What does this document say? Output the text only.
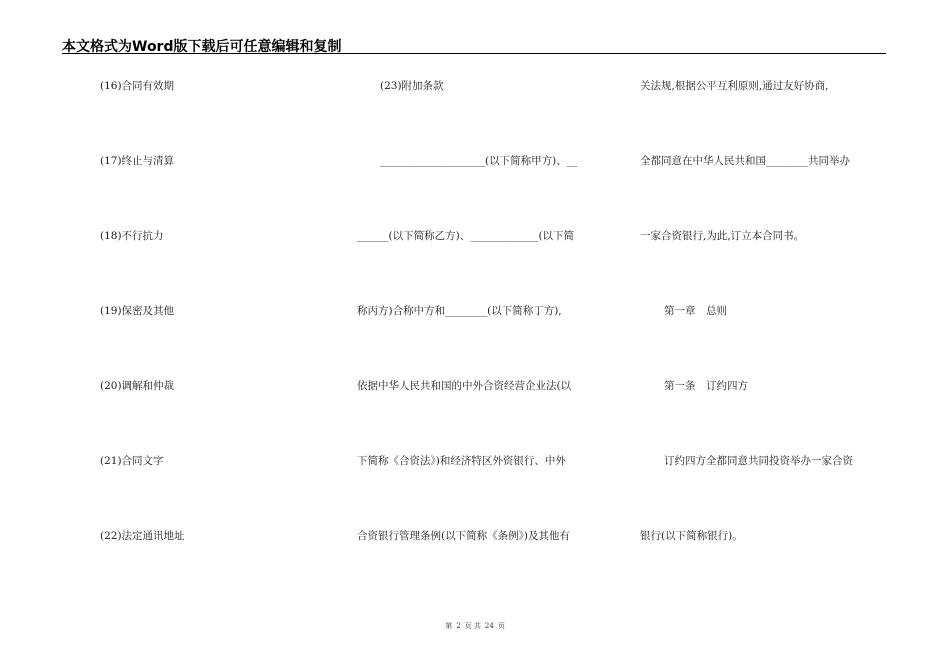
本文格式为Word版下载后可任意编辑和复制
(16)合同有效期
(17)终止与清算
(18)不行抗力
(19)保密及其他
(20)调解和仲裁
(21)合同文字
(22)法定通讯地址
(23)附加条款
____________________(以下简称甲方)、__
______(以下简称乙方)、_____________(以下简
称丙方)合称中方和________(以下简称丁方),
依据中华人民共和国的中外合资经营企业法(以
下简称《合资法》)和经济特区外资银行、中外
合资银行管理条例(以下简称《条例》)及其他有
关法规,根据公平互利原则,通过友好协商,
全都同意在中华人民共和国________共同举办
一家合资银行,为此,订立本合同书。
第一章　总则
第一条　订约四方
订约四方全都同意共同投资举办一家合资
银行(以下简称银行)。
第 2 页 共 24 页
